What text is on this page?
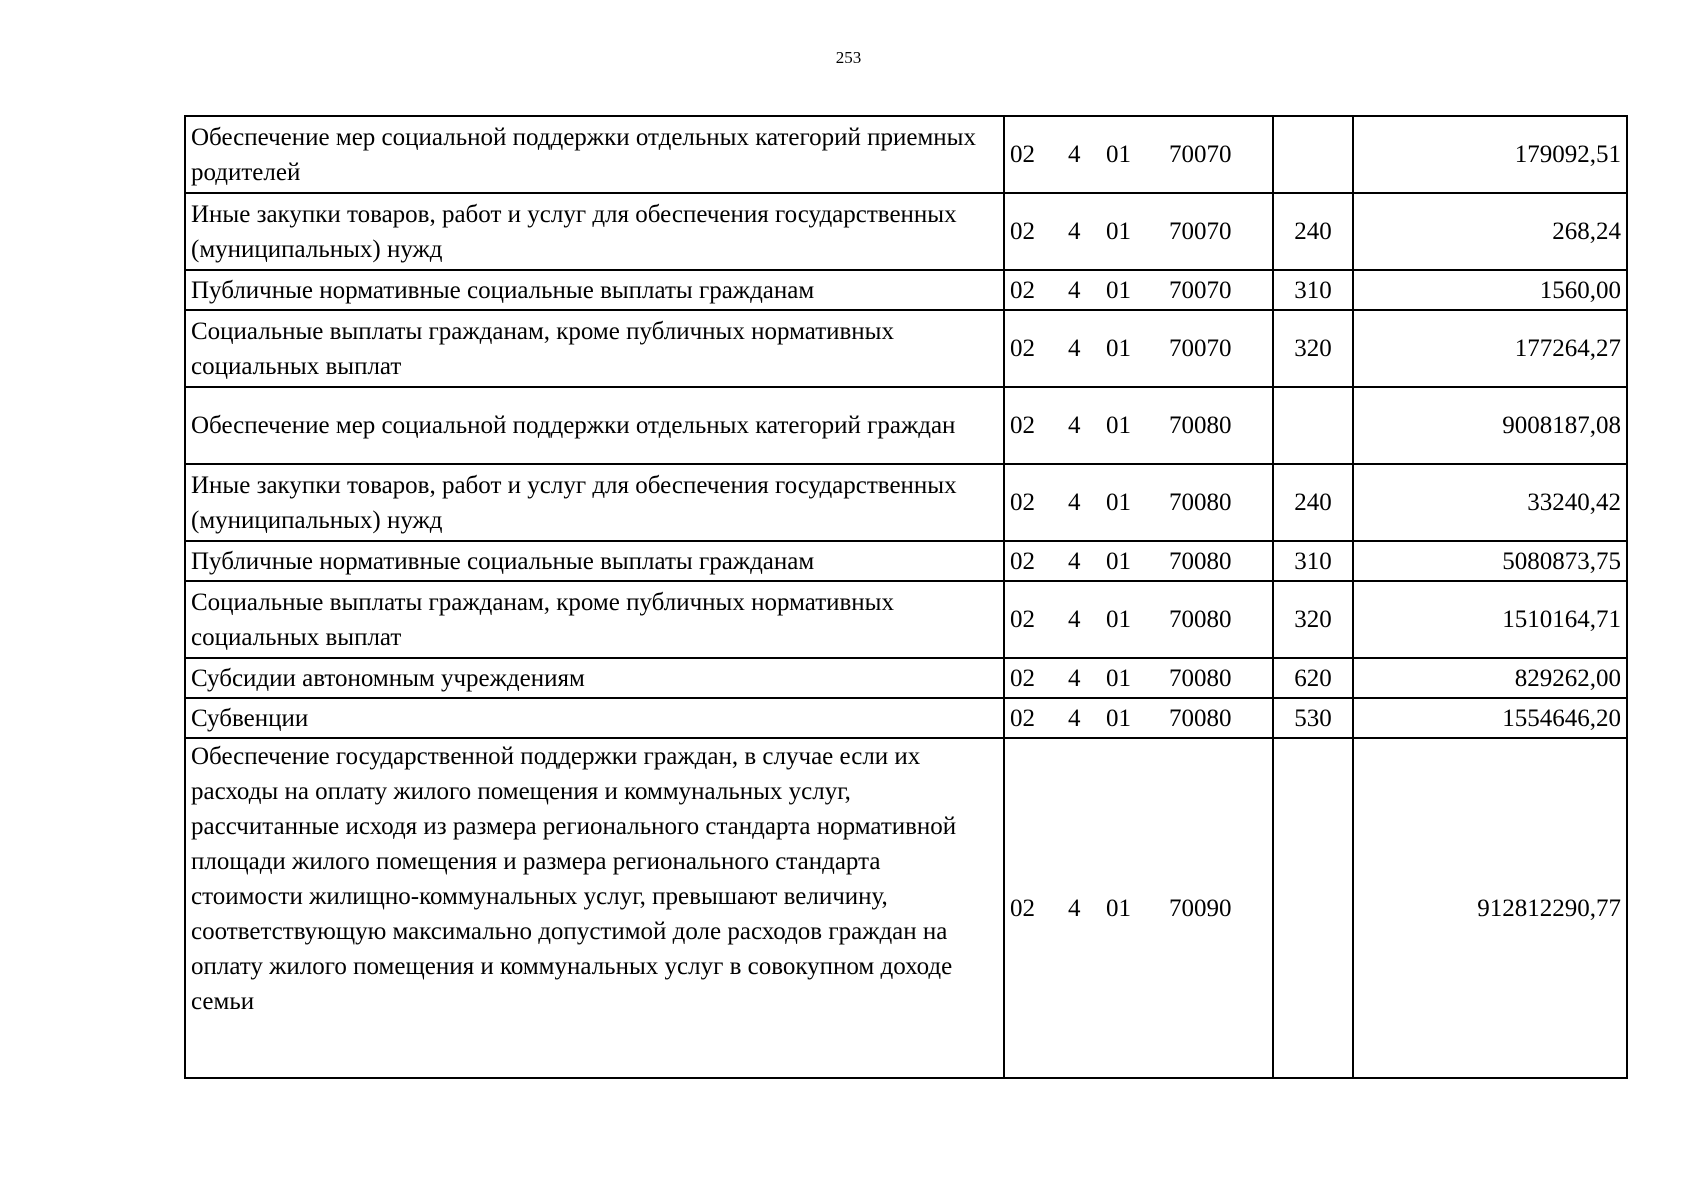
253
Обеспечение мер социальной поддержки отдельных категорий приемных родителей	02 4 01 70070		179092,51
Иные закупки товаров, работ и услуг для обеспечения государственных (муниципальных) нужд	02 4 01 70070	240	268,24
Публичные нормативные социальные выплаты гражданам	02 4 01 70070	310	1560,00
Социальные выплаты гражданам, кроме публичных нормативных социальных выплат	02 4 01 70070	320	177264,27
Обеспечение мер социальной поддержки отдельных категорий граждан	02 4 01 70080		9008187,08
Иные закупки товаров, работ и услуг для обеспечения государственных (муниципальных) нужд	02 4 01 70080	240	33240,42
Публичные нормативные социальные выплаты гражданам	02 4 01 70080	310	5080873,75
Социальные выплаты гражданам, кроме публичных нормативных социальных выплат	02 4 01 70080	320	1510164,71
Субсидии автономным учреждениям	02 4 01 70080	620	829262,00
Субвенции	02 4 01 70080	530	1554646,20
Обеспечение государственной поддержки граждан, в случае если их расходы на оплату жилого помещения и коммунальных услуг, рассчитанные исходя из размера регионального стандарта нормативной площади жилого помещения и размера регионального стандарта стоимости жилищно-коммунальных услуг, превышают величину, соответствующую максимально допустимой доле расходов граждан на оплату жилого помещения и коммунальных услуг в совокупном доходе семьи	02 4 01 70090		912812290,77
